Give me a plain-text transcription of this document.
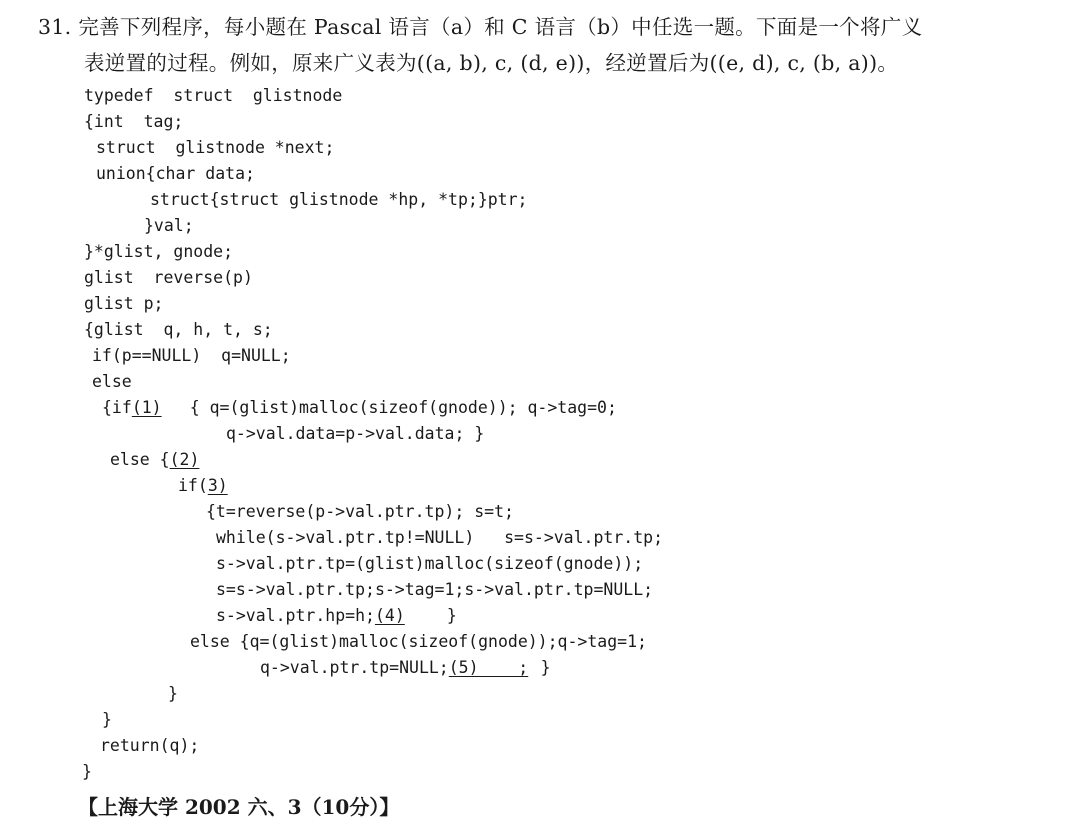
31. 完善下列程序，每小题在 Pascal 语言（a）和 C 语言（b）中任选一题。下面是一个将广义
表逆置的过程。例如，原来广义表为((a, b), c, (d, e))，经逆置后为((e, d), c, (b, a))。
typedef  struct  glistnode
{int  tag;
struct  glistnode *next;
union{char data;
struct{struct glistnode *hp, *tp;}ptr;
}val;
}*glist, gnode;
glist  reverse(p)
glist p;
{glist  q, h, t, s;
if(p==NULL)  q=NULL;
else
{if(1) { q=(glist)malloc(sizeof(gnode)); q->tag=0;
q->val.data=p->val.data; }
else {(2)
if(3)
{t=reverse(p->val.ptr.tp); s=t;
while(s->val.ptr.tp!=NULL)   s=s->val.ptr.tp;
s->val.ptr.tp=(glist)malloc(sizeof(gnode));
s=s->val.ptr.tp;s->tag=1;s->val.ptr.tp=NULL;
s->val.ptr.hp=h;(4) }
else {q=(glist)malloc(sizeof(gnode));q->tag=1;
q->val.ptr.tp=NULL;(5)    ; }
}
}
return(q);
}
【上海大学 2002 六、3（10分）】
